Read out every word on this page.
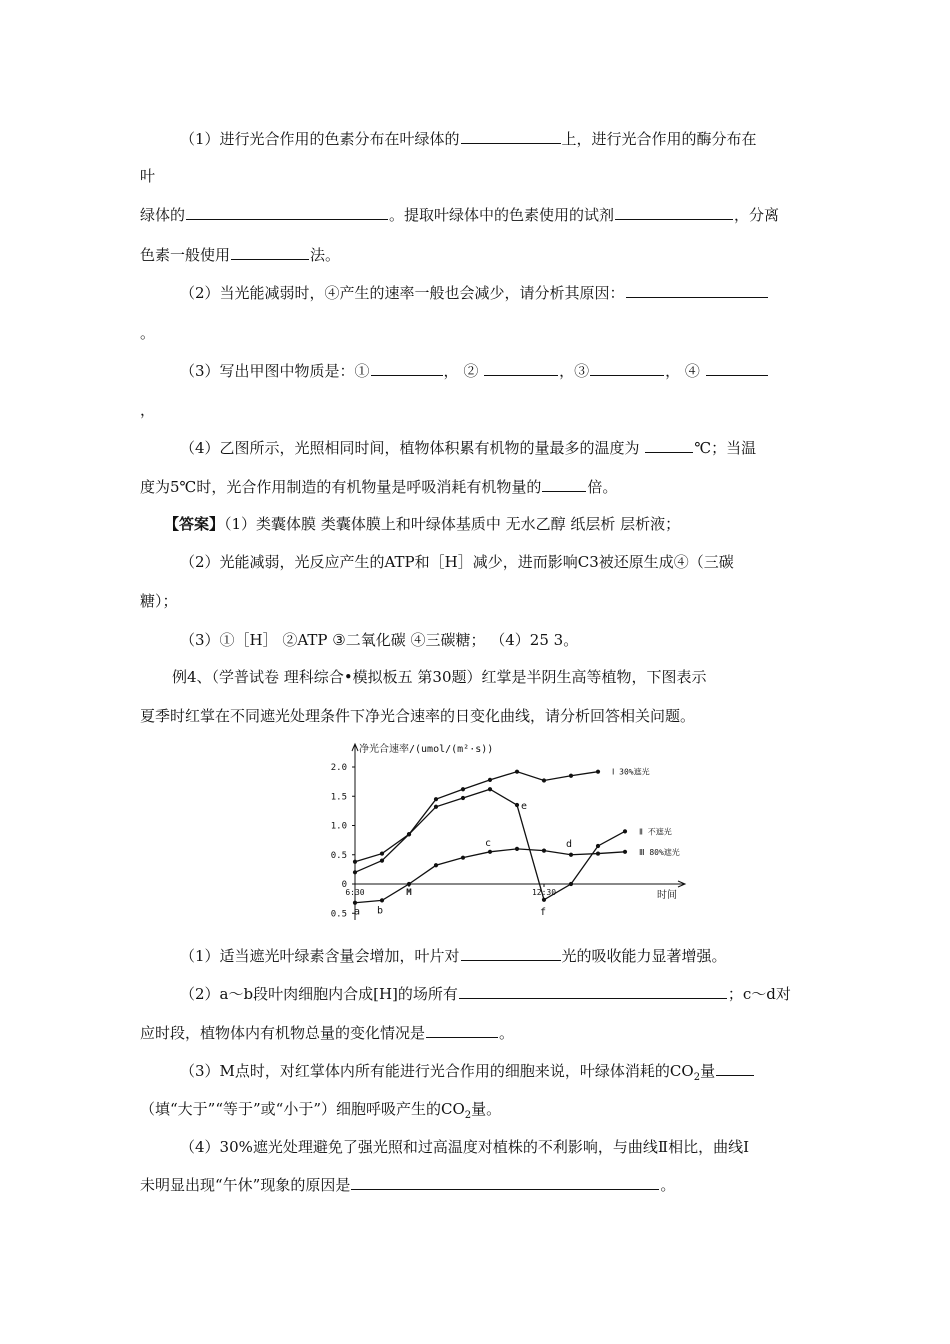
（1）进行光合作用的色素分布在叶绿体的	上，进行光合作用的酶分布在
叶
绿体的	。提取叶绿体中的色素使用的试剂	，分离
色素一般使用	法。
（2）当光能减弱时，④产生的速率一般也会减少，请分析其原因：
。
（3）写出甲图中物质是：①	， ②	，③	， ④
，
（4）乙图所示，光照相同时间，植物体积累有机物的量最多的温度为	℃；当温
度为5℃时，光合作用制造的有机物量是呼吸消耗有机物量的	倍。
【答案】（1）类囊体膜 类囊体膜上和叶绿体基质中 无水乙醇 纸层析 层析液；
（2）光能减弱，光反应产生的ATP和［H］减少，进而影响C3被还原生成④（三碳
糖）；
（3）①［H］ ②ATP ③二氧化碳 ④三碳糖； （4）25 3。
例4、（学普试卷 理科综合•模拟板五 第30题）红掌是半阴生高等植物，下图表示
夏季时红掌在不同遮光处理条件下净光合速率的日变化曲线，请分析回答相关问题。
2.0
1.5
1.0
0.5
0
0.5
6:30	M	12:30
净光合速率/(umol/(m²·s))
时间
Ⅰ 30%遮光
Ⅱ 不遮光
Ⅲ 80%遮光
a b
c	d
e
f
（1）适当遮光叶绿素含量会增加，叶片对	光的吸收能力显著增强。
（2）a～b段叶肉细胞内合成[H]的场所有	；c～d对
应时段，植物体内有机物总量的变化情况是	。
（3）M点时，对红掌体内所有能进行光合作用的细胞来说，叶绿体消耗的$CO_2$量
（填“大于”“等于”或“小于”）细胞呼吸产生的$CO_2$量。
（4）30%遮光处理避免了强光照和过高温度对植株的不利影响，与曲线Ⅱ相比，曲线Ⅰ
未明显出现“午休”现象的原因是	。
